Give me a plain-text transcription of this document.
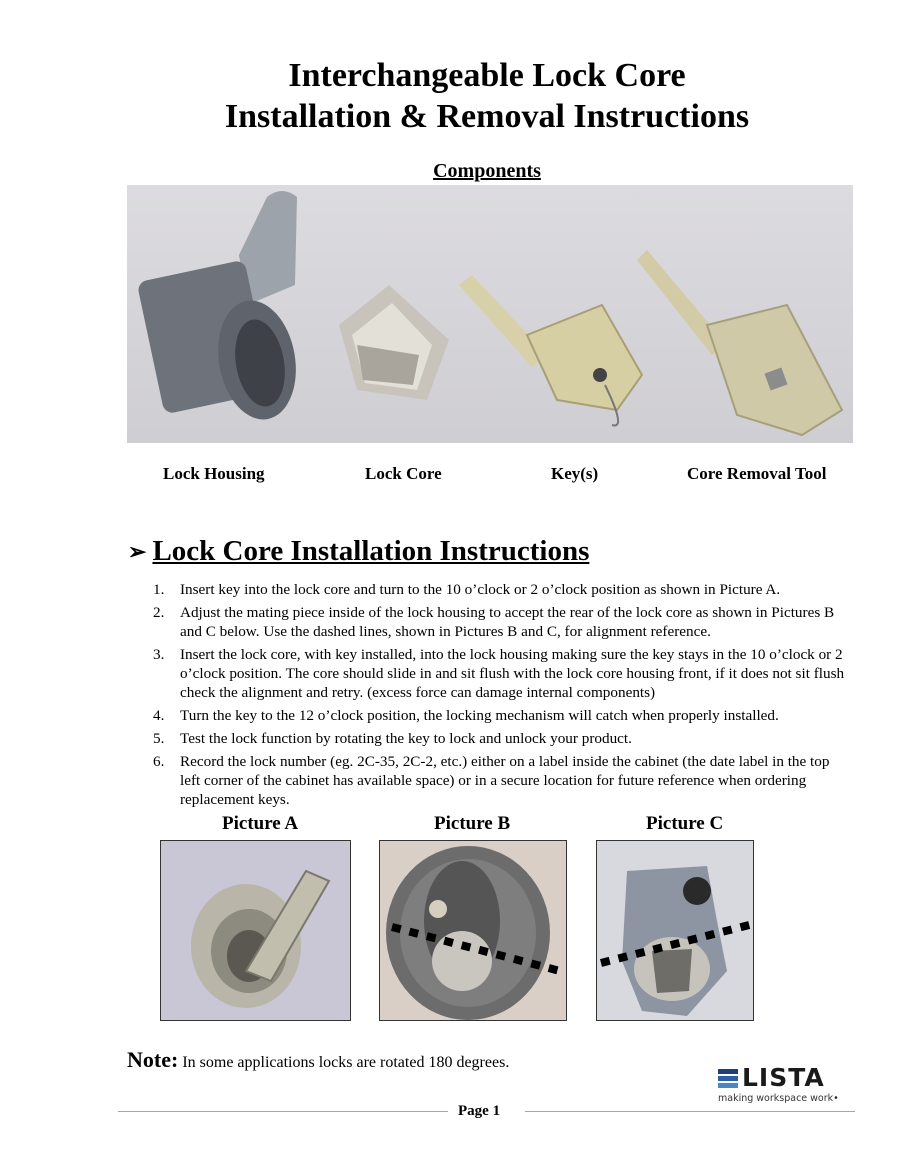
Interchangeable Lock Core
Installation & Removal Instructions
Components
Lock Housing	Lock Core	Key(s)	Core Removal Tool
➢ Lock Core Installation Instructions
1. Insert key into the lock core and turn to the 10 o’clock or 2 o’clock position as shown in Picture A.
2. Adjust the mating piece inside of the lock housing to accept the rear of the lock core as shown in Pictures B and C below. Use the dashed lines, shown in Pictures B and C, for alignment reference.
3. Insert the lock core, with key installed, into the lock housing making sure the key stays in the 10 o’clock or 2 o’clock position. The core should slide in and sit flush with the lock core housing front, if it does not sit flush check the alignment and retry. (excess force can damage internal components)
4. Turn the key to the 12 o’clock position, the locking mechanism will catch when properly installed.
5. Test the lock function by rotating the key to lock and unlock your product.
6. Record the lock number (eg. 2C-35, 2C-2, etc.) either on a label inside the cabinet (the date label in the top left corner of the cabinet has available space) or in a secure location for future reference when ordering replacement keys.
Picture A	Picture B	Picture C
Note: In some applications locks are rotated 180 degrees.
LISTA
making workspace work•
Page 1
